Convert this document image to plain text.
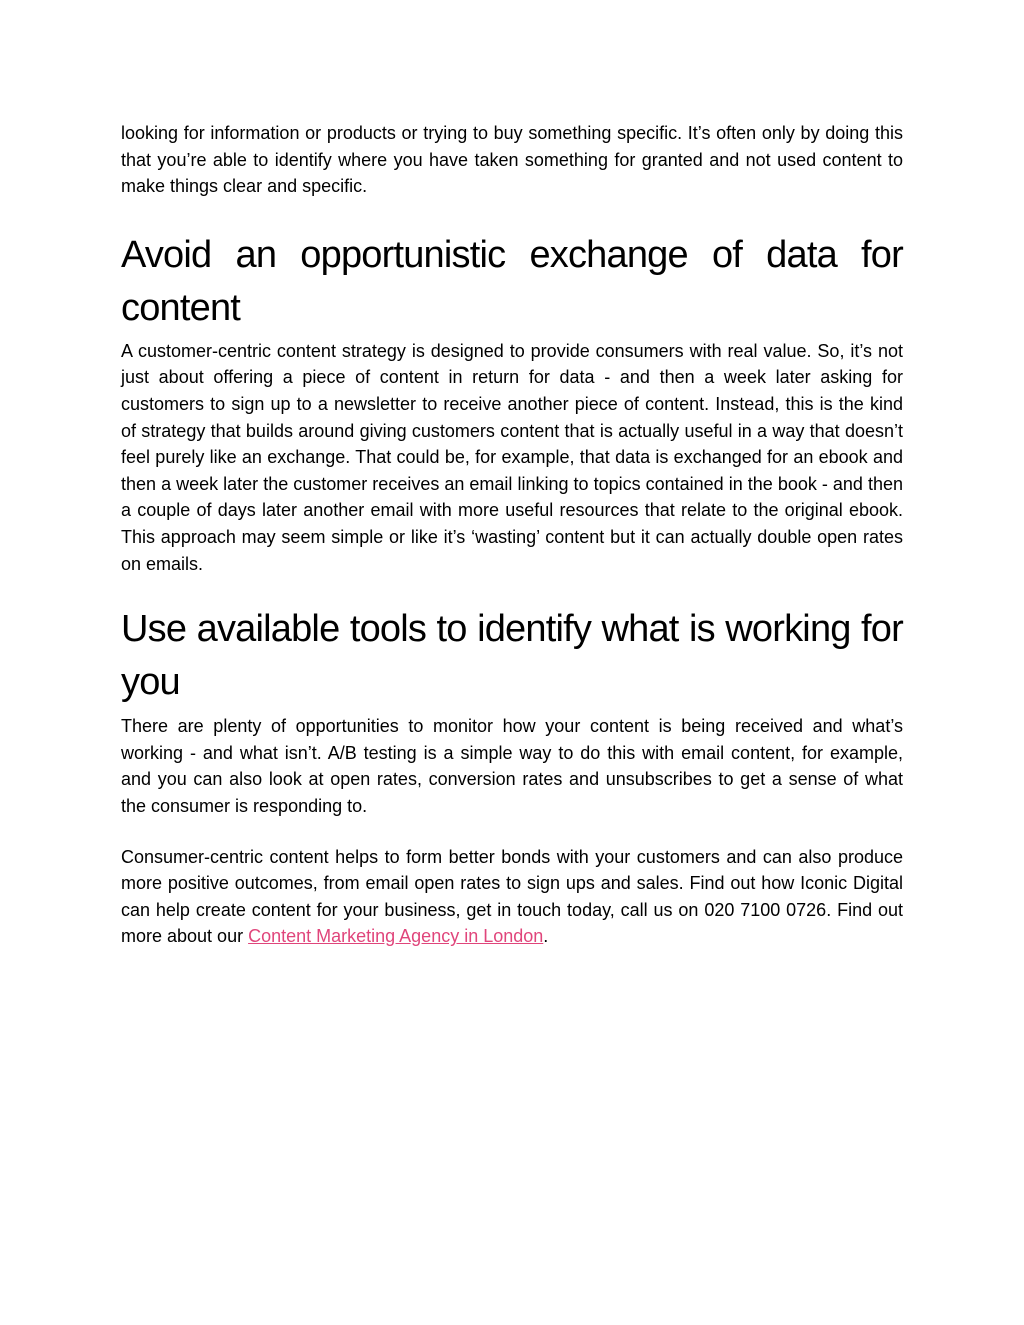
looking for information or products or trying to buy something specific. It’s often only by doing this that you’re able to identify where you have taken something for granted and not used content to make things clear and specific.

Avoid an opportunistic exchange of data for content

A customer-centric content strategy is designed to provide consumers with real value. So, it’s not just about offering a piece of content in return for data - and then a week later asking for customers to sign up to a newsletter to receive another piece of content. Instead, this is the kind of strategy that builds around giving customers content that is actually useful in a way that doesn’t feel purely like an exchange. That could be, for example, that data is exchanged for an ebook and then a week later the customer receives an email linking to topics contained in the book - and then a couple of days later another email with more useful resources that relate to the original ebook. This approach may seem simple or like it’s ‘wasting’ content but it can actually double open rates on emails.

Use available tools to identify what is working for you

There are plenty of opportunities to monitor how your content is being received and what’s working - and what isn’t. A/B testing is a simple way to do this with email content, for example, and you can also look at open rates, conversion rates and unsubscribes to get a sense of what the consumer is responding to.

Consumer-centric content helps to form better bonds with your customers and can also produce more positive outcomes, from email open rates to sign ups and sales. Find out how Iconic Digital can help create content for your business, get in touch today, call us on 020 7100 0726. Find out more about our Content Marketing Agency in London.
